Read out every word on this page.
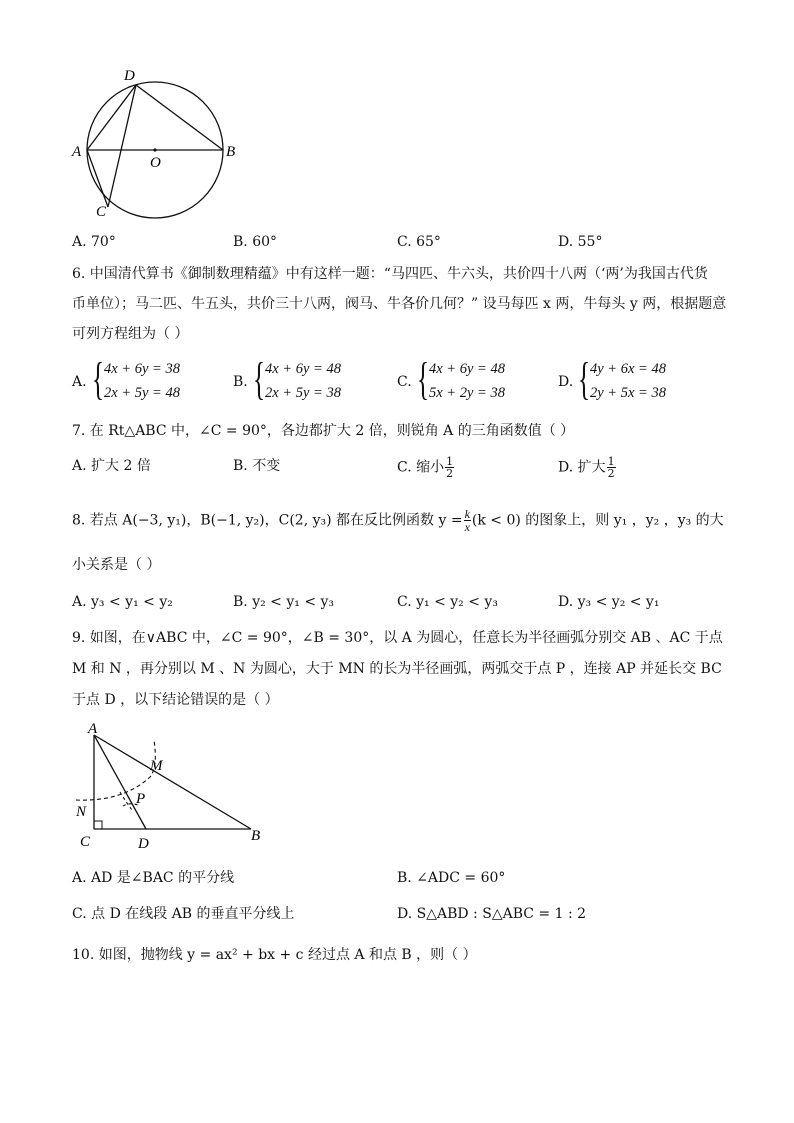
D
A
O
B
C
A. 70°	B. 60°	C. 65°	D. 55°
6. 中国清代算书《御制数理精蕴》中有这样一题：“马四匹、牛六头，共价四十八两（‘两’为我国古代货
币单位）；马二匹、牛五头，共价三十八两，阀马、牛各价几何？” 设马每匹 x 两，牛每头 y 两，根据题意
可列方程组为（ ）
A. { 4x + 6y = 38
2x + 5y = 48
B. { 4x + 6y = 48
2x + 5y = 38
C. { 4x + 6y = 48
5x + 2y = 38
D. { 4y + 6x = 48
2y + 5x = 38
7. 在 Rt△ABC 中，∠C = 90°，各边都扩大 2 倍，则锐角 A 的三角函数值（ ）
A. 扩大 2 倍	B. 不变	C. 缩小 $\frac{1}{2}$	D. 扩大 $\frac{1}{2}$
8. 若点 A(−3, y₁)，B(−1, y₂)，C(2, y₃) 都在反比例函数 $y = \frac{k}{x} (k < 0)$ 的图象上，则 y₁ ，y₂ ，y₃ 的大
小关系是（ ）
A. y₃ < y₁ < y₂	B. y₂ < y₁ < y₃	C. y₁ < y₂ < y₃	D. y₃ < y₂ < y₁
9. 如图，在∨ABC 中，∠C = 90°，∠B = 30°，以 A 为圆心，任意长为半径画弧分别交 AB 、AC 于点
M 和 N ，再分别以 M 、N 为圆心，大于 MN 的长为半径画弧，两弧交于点 P ，连接 AP 并延长交 BC
于点 D ，以下结论错误的是（ ）
A
M
P
N
C	D	B
A. AD 是∠BAC 的平分线	B. ∠ADC = 60°
C. 点 D 在线段 AB 的垂直平分线上	D. S△ABD : S△ABC = 1 : 2
10. 如图，抛物线 y = ax² + bx + c 经过点 A 和点 B ，则（ ）
